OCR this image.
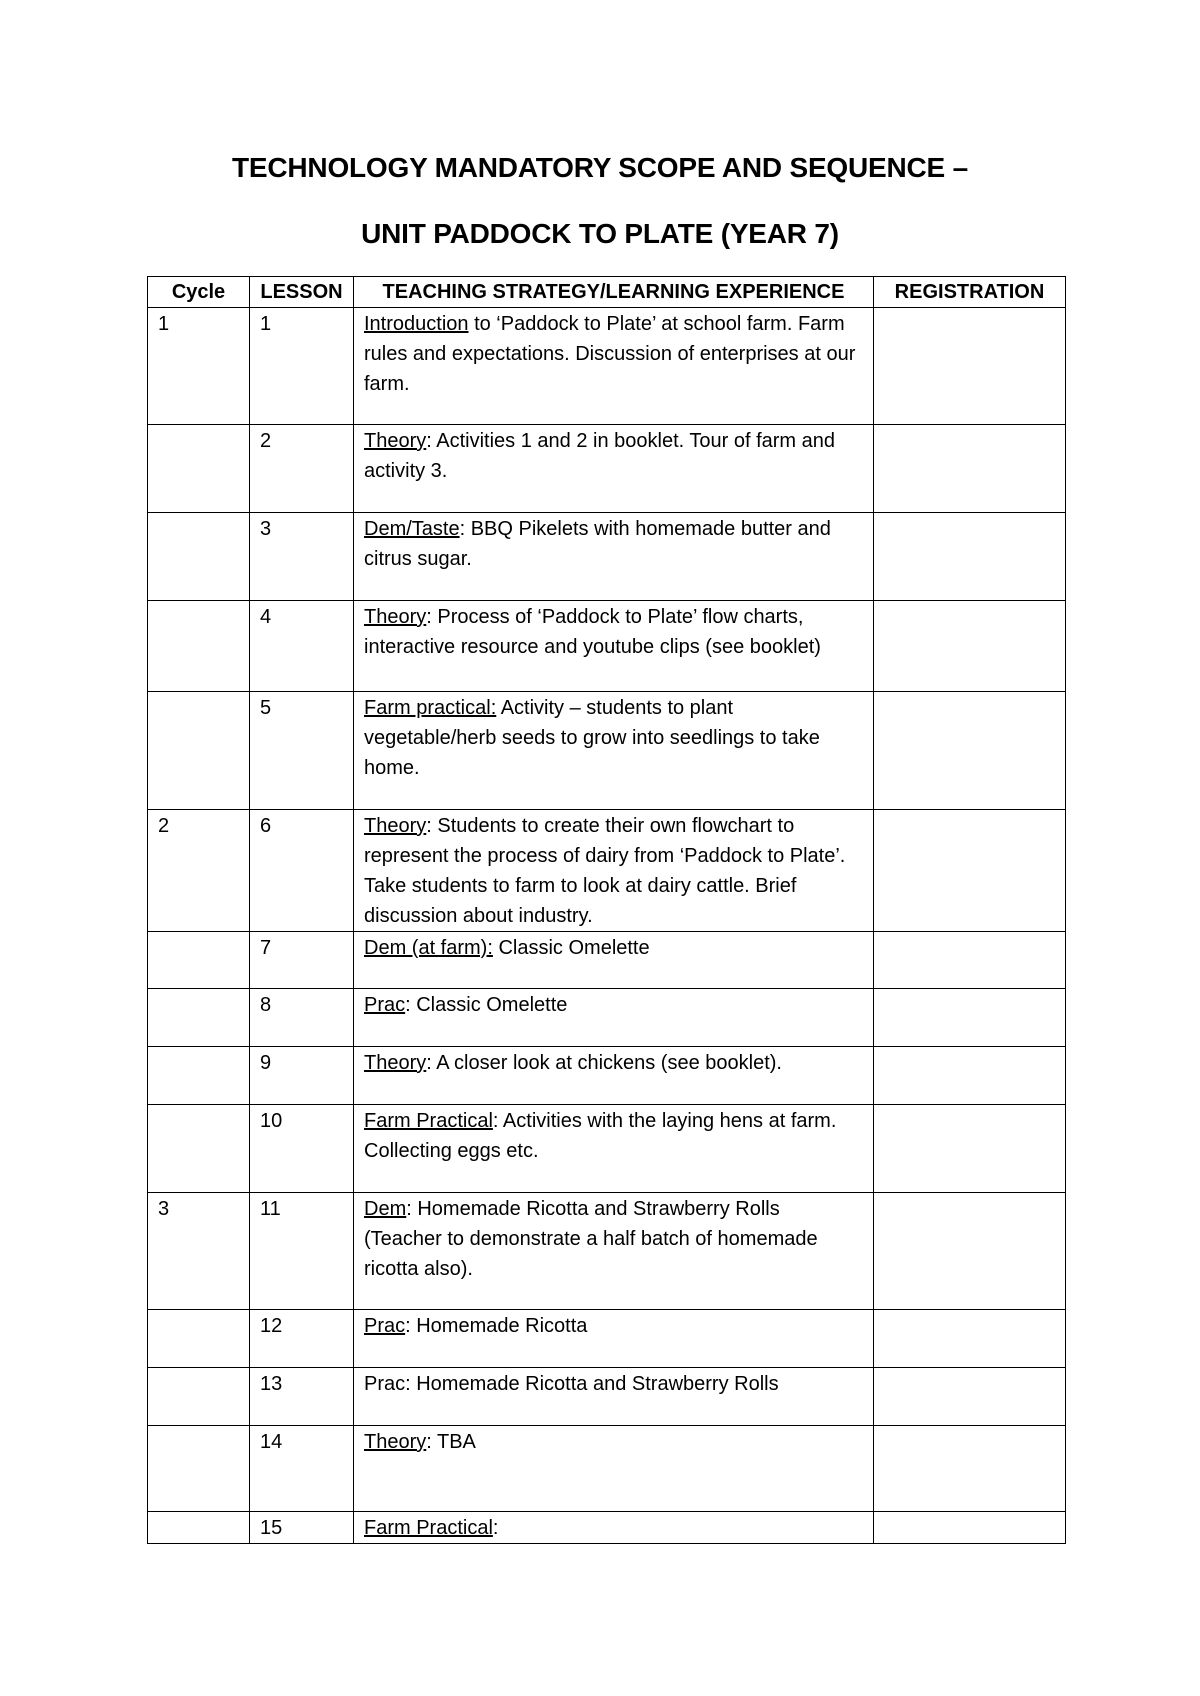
TECHNOLOGY MANDATORY SCOPE AND SEQUENCE –
UNIT PADDOCK TO PLATE (YEAR 7)
Cycle	LESSON	TEACHING STRATEGY/LEARNING EXPERIENCE	REGISTRATION
1	1	Introduction to ‘Paddock to Plate’ at school farm. Farm rules and expectations. Discussion of enterprises at our farm.	
	2	Theory: Activities 1 and 2 in booklet. Tour of farm and activity 3.	
	3	Dem/Taste: BBQ Pikelets with homemade butter and citrus sugar.	
	4	Theory: Process of ‘Paddock to Plate’ flow charts, interactive resource and youtube clips (see booklet)	
	5	Farm practical: Activity – students to plant vegetable/herb seeds to grow into seedlings to take home.	
2	6	Theory: Students to create their own flowchart to represent the process of dairy from ‘Paddock to Plate’. Take students to farm to look at dairy cattle. Brief discussion about industry.	
	7	Dem (at farm): Classic Omelette	
	8	Prac: Classic Omelette	
	9	Theory: A closer look at chickens (see booklet).	
	10	Farm Practical: Activities with the laying hens at farm. Collecting eggs etc.	
3	11	Dem: Homemade Ricotta and Strawberry Rolls (Teacher to demonstrate a half batch of homemade ricotta also).	
	12	Prac: Homemade Ricotta	
	13	Prac: Homemade Ricotta and Strawberry Rolls	
	14	Theory: TBA	
	15	Farm Practical:	
